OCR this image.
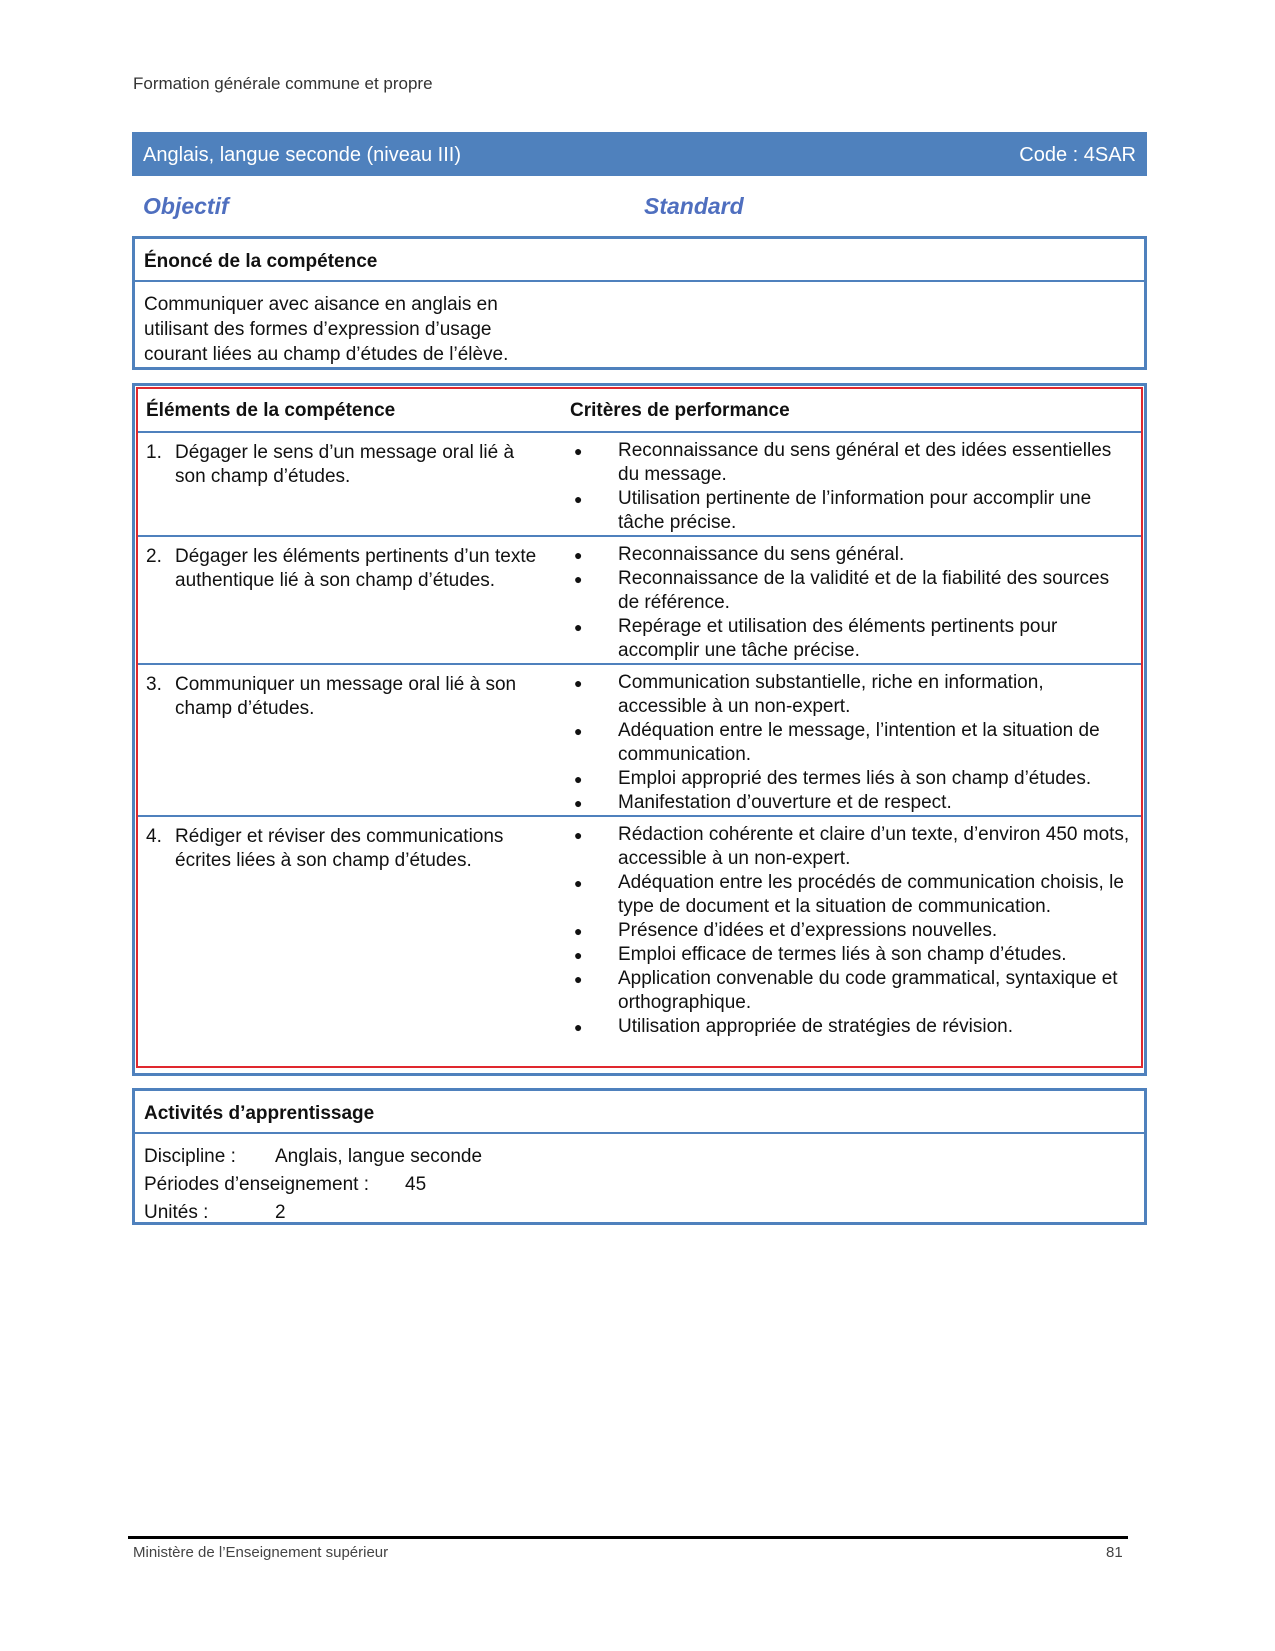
Formation générale commune et propre
Anglais, langue seconde (niveau III)	Code : 4SAR
Objectif	Standard
Énoncé de la compétence
Communiquer avec aisance en anglais en
utilisant des formes d’expression d’usage
courant liées au champ d’études de l’élève.
Éléments de la compétence	Critères de performance
1. Dégager le sens d’un message oral lié à son champ d’études.
●	Reconnaissance du sens général et des idées essentielles du message.
●	Utilisation pertinente de l’information pour accomplir une tâche précise.
2. Dégager les éléments pertinents d’un texte authentique lié à son champ d’études.
●	Reconnaissance du sens général.
●	Reconnaissance de la validité et de la fiabilité des sources de référence.
●	Repérage et utilisation des éléments pertinents pour accomplir une tâche précise.
3. Communiquer un message oral lié à son champ d’études.
●	Communication substantielle, riche en information, accessible à un non-expert.
●	Adéquation entre le message, l’intention et la situation de communication.
●	Emploi approprié des termes liés à son champ d’études.
●	Manifestation d’ouverture et de respect.
4. Rédiger et réviser des communications écrites liées à son champ d’études.
●	Rédaction cohérente et claire d’un texte, d’environ 450 mots, accessible à un non-expert.
●	Adéquation entre les procédés de communication choisis, le type de document et la situation de communication.
●	Présence d’idées et d’expressions nouvelles.
●	Emploi efficace de termes liés à son champ d’études.
●	Application convenable du code grammatical, syntaxique et orthographique.
●	Utilisation appropriée de stratégies de révision.
Activités d’apprentissage
Discipline :	Anglais, langue seconde
Périodes d’enseignement :	45
Unités :	2
Ministère de l’Enseignement supérieur	81
